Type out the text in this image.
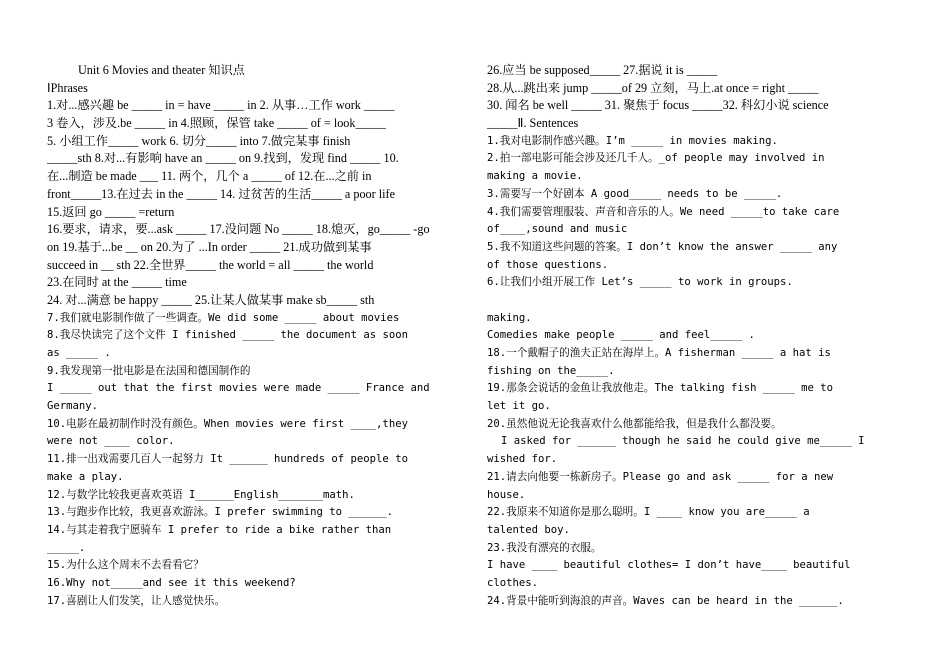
Unit 6 Movies and theater 知识点
ⅠPhrases
1.对...感兴趣 be _____ in = have _____ in 2. 从事…工作 work _____
3 卷入，涉及.be _____ in 4.照顾，保管 take _____ of = look_____
5. 小组工作_____ work 6. 切分_____ into 7.做完某事 finish
_____sth 8.对...有影响 have an _____ on 9.找到，发现 find _____ 10.
在...制造 be made ___ 11. 两个，几个 a _____ of 12.在...之前 in
front_____13.在过去 in the _____ 14. 过贫苦的生活_____ a poor life
15.返回 go _____ =return
16.要求，请求，要...ask _____ 17.没问题 No _____ 18.熄灭，go_____ -go
on 19.基于...be __ on 20.为了 ...In order _____ 21.成功做到某事
succeed in __ sth 22.全世界_____ the world = all _____ the world
23.在同时 at the _____ time
24. 对...满意 be happy _____ 25.让某人做某事 make sb_____ sth
7.我们就电影制作做了一些调查。We did some _____ about movies
8.我尽快读完了这个文件 I finished _____ the document as soon
as _____ .
9.我发现第一批电影是在法国和德国制作的
I _____ out that the first movies were made _____ France and
Germany.
10.电影在最初制作时没有颜色。When movies were first ____,they
were not ____ color.
11.排一出戏需要几百人一起努力 It ______ hundreds of people to
make a play.
12.与数学比较我更喜欢英语 I______English_______math.
13.与跑步作比较，我更喜欢游泳。I prefer swimming to ______.
14.与其走着我宁愿骑车 I prefer to ride a bike rather than
_____.
15.为什么这个周末不去看看它？
16.Why not_____and see it this weekend?
17.喜剧让人们发笑，让人感觉快乐。
26.应当 be supposed_____ 27.据说 it is _____
28.从...跳出来 jump _____of 29 立刻，马上.at once = right _____
30. 闻名 be well _____ 31. 聚焦于 focus _____32. 科幻小说 science
_____Ⅱ. Sentences
1.我对电影制作感兴趣。I’m _____ in movies making.
2.拍一部电影可能会涉及还几千人。_of people may involved in
making a movie.
3.需要写一个好剧本 A good_____ needs to be _____.
4.我们需要管理服装、声音和音乐的人。We need _____to take care
of____,sound and music
5.我不知道这些问题的答案。I don’t know the answer _____ any
of those questions.
6.让我们小组开展工作 Let’s _____ to work in groups.
making.
Comedies make people _____ and feel_____ .
18.一个戴帽子的渔夫正站在海岸上。A fisherman _____ a hat is
fishing on the_____.
19.那条会说话的金鱼让我放他走。The talking fish _____ me to
let it go.
20.虽然他说无论我喜欢什么他都能给我，但是我什么都没要。
I asked for ______ though he said he could give me_____ I
wished for.
21.请去向他要一栋新房子。Please go and ask _____ for a new
house.
22.我原来不知道你是那么聪明。I ____ know you are_____ a
talented boy.
23.我没有漂亮的衣服。
I have ____ beautiful clothes= I don’t have____ beautiful
clothes.
24.背景中能听到海浪的声音。Waves can be heard in the ______.
